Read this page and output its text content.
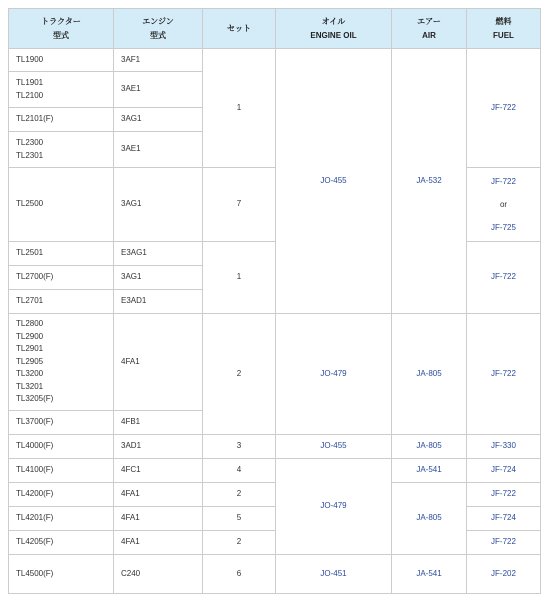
トラクター
型式
エンジン
型式
セット
オイル
ENGINE OIL
エアー
AIR
燃料
FUEL
TL1900
TL1901
TL2100
TL2101(F)
TL2300
TL2301
TL2500
TL2501
TL2700(F)
TL2701
TL2800
TL2900
TL2901
TL2905
TL3200
TL3201
TL3205(F)
TL3700(F)
TL4000(F)
TL4100(F)
TL4200(F)
TL4201(F)
TL4205(F)
TL4500(F)
3AF1
3AE1
3AG1
3AE1
3AG1
E3AG1
3AG1
E3AD1
4FA1
4FB1
3AD1
4FC1
4FA1
4FA1
4FA1
C240
1
7
1
2
3
4
2
5
2
6
JO-455
JO-479
JO-455
JO-479
JO-451
JA-532
JA-805
JA-805
JA-541
JA-805
JA-541
JF-722
JF-722
or
JF-725
JF-722
JF-722
JF-330
JF-724
JF-722
JF-724
JF-722
JF-202
